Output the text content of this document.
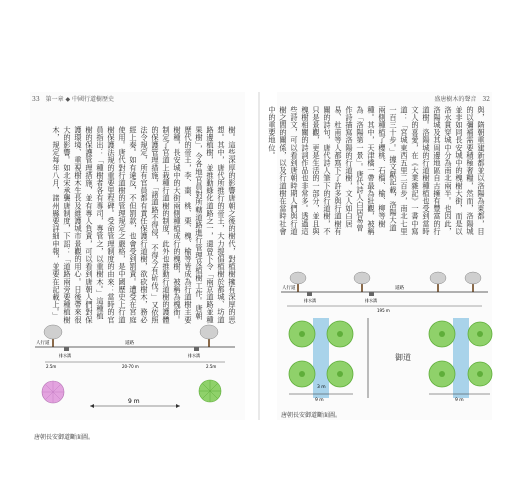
33 第一章 ◆ 中國行道樹歷史
樹。這些深厚的影響唐朝之後的樹代，對植樹擁有深厚的思想。其中，唐代所推行的帝王，大力提倡植樹於都城、坊道路邊植樹，並推動綠化道路之一，還曾下令「兩京道路並種果樹」，令各地官員對所轄道路進行管理及植樹工作。唐朝歷代的帝王，李、棗、桃、栗、槐、榆等皆成為行道樹主要樹種，長安城中的大街兩側種植成行的槐樹，被稱為槐衙。制定了官道上栽種行道樹的制度，此外也推動行道樹的護體的保護管理措施，「諸道路不得侵，不得今有斫伐。」又依照法令規定，所有官員都有責任保護行道樹，欲砍樹木，務必經上奏。如有違反，不但罰款，也會受到罰責。遭受在宮庭使用。唐代對行道樹的管理規定之嚴格，是中國歷史上行道樹保護法規的重要里程碑。受命管理制度的由來：當時的官員指出：「種樹者各有專司，專管之，以重樹木。」這種植樹的保護管理措施，並有專人負責，可以看到唐朝人們對保護環境、重視樹木生長及維護城市景觀的用心。日後帶來很大的影響。如北宋承襲唐制度，下詔：「道路兩旁要種植樹木，規定每年八月，諸州縣要詳細申報，並要在記載上。」
人行道
排水溝
道路
排水溝
2.5m	20-70 m	2.5m
9 m
唐朝長安御道斷面圖。
盛唐樹木的聲音 32
與，隋朝重建新都並以洛陽為東都，目的以彌補需要積極奢糧，然而，洛陽城並非如同長安城中的槐樹大街，而是以洛水貫穿城中分為南北兩半。也因此，洛陽城及其周邊地區自古擁有豐富的行道樹。洛陽城的行道樹種植也受到當時文人的喜愛，在《大業雜記》一書中寫道：「宮城東西五里二百步，南北七里一百三十步。」據文獻記載，洛陽大道兩側種植了櫻桃、石榴、榆、柳等樹種。其中，天津橋一帶最為壯觀，被稱為「洛陽第一景」。唐代詩人白居易曾作詩描寫洛陽的行道樹，文人如白居易、杜甫等人都寫下了許多與行道樹有關的詩句，唐代詩人筆下的行道樹，不只是景觀，更是生活的一部分，並且與槐樹相關的詩詞作品也非常多。透過這些詩文，可以看到唐朝時期人們與行道樹之間的關係，以及行道樹在當時社會中的重要地位。
人行道
排水溝
道路
排水溝
195 m
御道
9 m
3 m
9 m
唐朝長安御道斷面圖。
